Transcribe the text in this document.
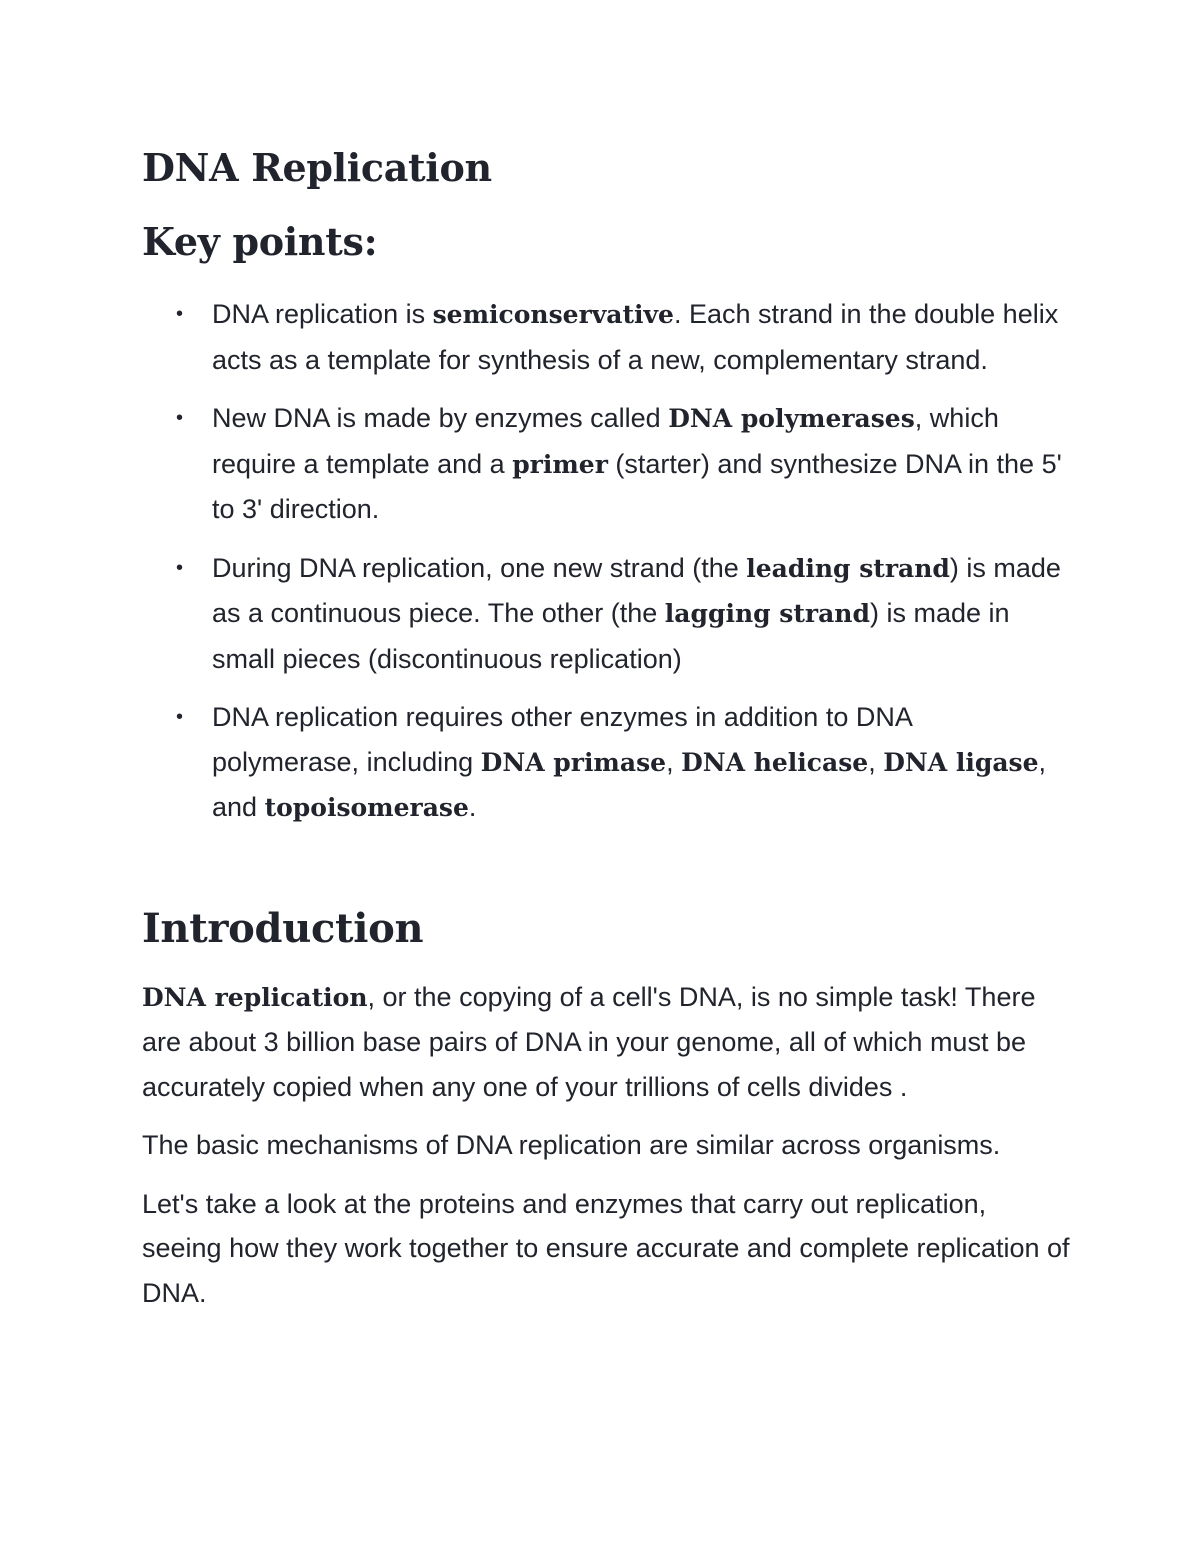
DNA Replication
Key points:
• DNA replication is semiconservative. Each strand in the double helix acts as a template for synthesis of a new, complementary strand.
• New DNA is made by enzymes called DNA polymerases, which require a template and a primer (starter) and synthesize DNA in the 5' to 3' direction.
• During DNA replication, one new strand (the leading strand) is made as a continuous piece. The other (the lagging strand) is made in small pieces (discontinuous replication)
• DNA replication requires other enzymes in addition to DNA polymerase, including DNA primase, DNA helicase, DNA ligase, and topoisomerase.
Introduction

DNA replication, or the copying of a cell's DNA, is no simple task! There are about 3 billion base pairs of DNA in your genome, all of which must be accurately copied when any one of your trillions of cells divides .

The basic mechanisms of DNA replication are similar across organisms.

Let's take a look at the proteins and enzymes that carry out replication, seeing how they work together to ensure accurate and complete replication of DNA.
